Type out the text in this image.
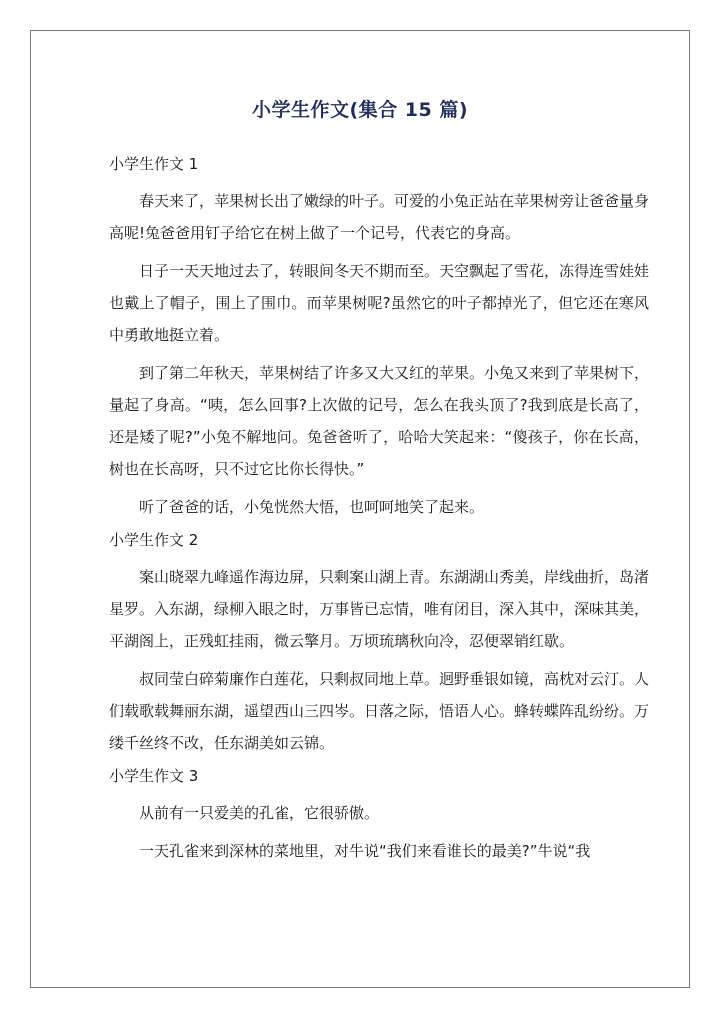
小学生作文(集合 15 篇)
小学生作文 1

春天来了，苹果树长出了嫩绿的叶子。可爱的小兔正站在苹果树旁让爸爸量身高呢!兔爸爸用钉子给它在树上做了一个记号，代表它的身高。

日子一天天地过去了，转眼间冬天不期而至。天空飘起了雪花，冻得连雪娃娃也戴上了帽子，围上了围巾。而苹果树呢?虽然它的叶子都掉光了，但它还在寒风中勇敢地挺立着。

到了第二年秋天，苹果树结了许多又大又红的苹果。小兔又来到了苹果树下，量起了身高。“咦，怎么回事?上次做的记号，怎么在我头顶了?我到底是长高了，还是矮了呢?”小兔不解地问。兔爸爸听了，哈哈大笑起来：“傻孩子，你在长高，树也在长高呀，只不过它比你长得快。”

听了爸爸的话，小兔恍然大悟，也呵呵地笑了起来。

小学生作文 2

案山晓翠九峰遥作海边屏，只剩案山湖上青。东湖湖山秀美，岸线曲折，岛渚星罗。入东湖，绿柳入眼之时，万事皆已忘情，唯有闭目，深入其中，深味其美，平湖阁上，正残虹挂雨，微云擎月。万顷琉璃秋向冷，忍便翠销红歇。

叔同莹白碎菊廉作白莲花，只剩叔同地上草。迥野垂银如镜，高枕对云汀。人们载歌载舞丽东湖，遥望西山三四岑。日落之际，悟语人心。蜂转蝶阵乱纷纷。万缕千丝终不改，任东湖美如云锦。

小学生作文 3

从前有一只爱美的孔雀，它很骄傲。

一天孔雀来到深林的菜地里，对牛说“我们来看谁长的最美?”牛说“我
